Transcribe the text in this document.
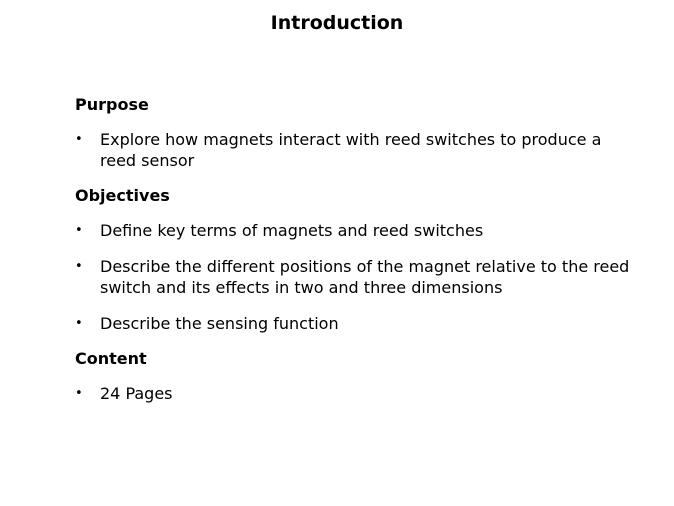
Introduction
Purpose
•	Explore how magnets interact with reed switches to produce a reed sensor
Objectives
•	Define key terms of magnets and reed switches
•	Describe the different positions of the magnet relative to the reed switch and its effects in two and three dimensions
•	Describe the sensing function
Content
•	24 Pages
